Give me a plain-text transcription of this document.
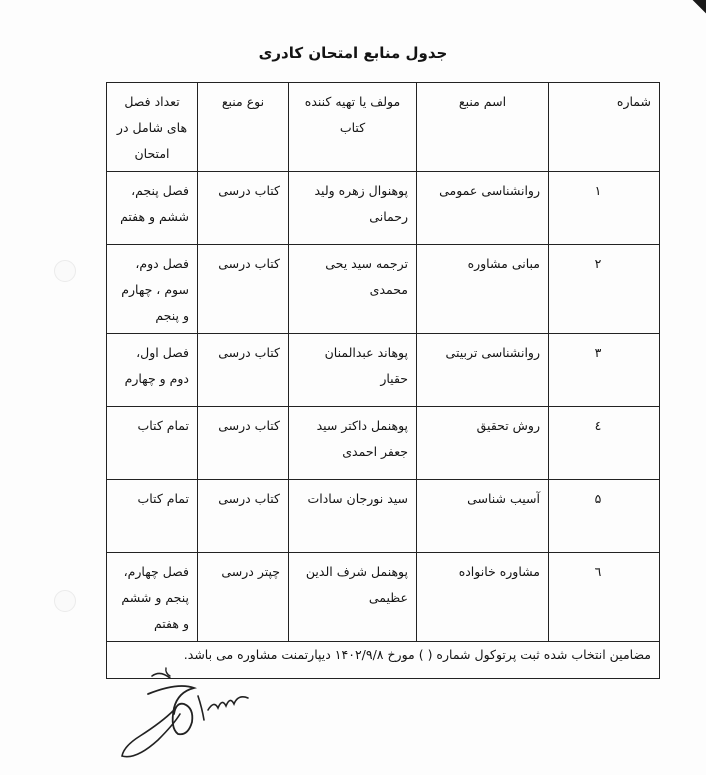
جدول منابع امتحان کادری
شماره	اسم منبع	مولف یا تهیه کننده کتاب	نوع منبع	تعداد فصل های شامل در امتحان
۱	روانشناسی عمومی	پوهنوال زهره ولید رحمانی	کتاب درسی	فصل پنجم، ششم و هفتم
۲	مبانی مشاوره	ترجمه سید یحی محمدی	کتاب درسی	فصل دوم، سوم ، چهارم و پنجم
۳	روانشناسی تربیتی	پوهاند عبدالمنان حقیار	کتاب درسی	فصل اول، دوم و چهارم
٤	روش تحقیق	پوهنمل داکتر سید جعفر احمدی	کتاب درسی	تمام کتاب
۵	آسیب شناسی	سید نورجان سادات	کتاب درسی	تمام کتاب
٦	مشاوره خانواده	پوهنمل شرف الدین عظیمی	چپتر درسی	فصل چهارم، پنجم و ششم و هفتم
مضامین انتخاب شده ثبت پرتوکول شماره ( ) مورخ ۱۴۰۲/۹/۸ دیپارتمنت مشاوره می باشد.				
